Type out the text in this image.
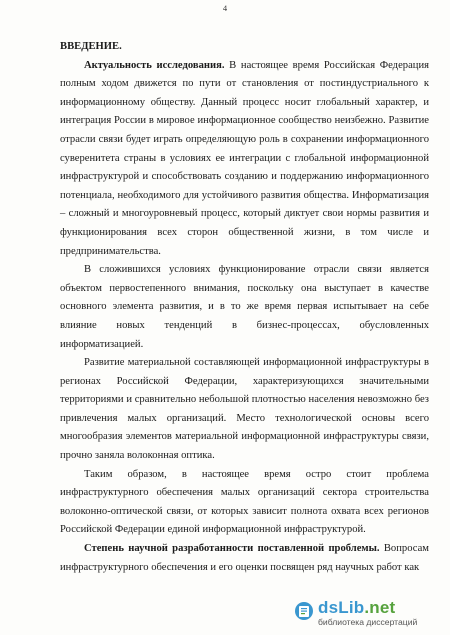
4

ВВЕДЕНИЕ.

Актуальность исследования. В настоящее время Российская Федерация полным ходом движется по пути от становления от постиндустриального к информационному обществу. Данный процесс носит глобальный характер, и интеграция России в мировое информационное сообщество неизбежно. Развитие отрасли связи будет играть определяющую роль в сохранении информационного суверенитета страны в условиях ее интеграции с глобальной информационной инфраструктурой и способствовать созданию и поддержанию информационного потенциала, необходимого для устойчивого развития общества. Информатизация – сложный и многоуровневый процесс, который диктует свои нормы развития и функционирования всех сторон общественной жизни, в том числе и предпринимательства.

В сложившихся условиях функционирование отрасли связи является объектом первостепенного внимания, поскольку она выступает в качестве основного элемента развития, и в то же время первая испытывает на себе влияние новых тенденций в бизнес-процессах, обусловленных информатизацией.

Развитие материальной составляющей информационной инфраструктуры в регионах Российской Федерации, характеризующихся значительными территориями и сравнительно небольшой плотностью населения невозможно без привлечения малых организаций. Место технологической основы всего многообразия элементов материальной информационной инфраструктуры связи, прочно заняла волоконная оптика.

Таким образом, в настоящее время остро стоит проблема инфраструктурного обеспечения малых организаций сектора строительства волоконно-оптической связи, от которых зависит полнота охвата всех регионов Российской Федерации единой информационной инфраструктурой.

Степень научной разработанности поставленной проблемы. Вопросам инфраструктурного обеспечения и его оценки посвящен ряд научных работ как

dsLib.net
библиотека диссертаций
